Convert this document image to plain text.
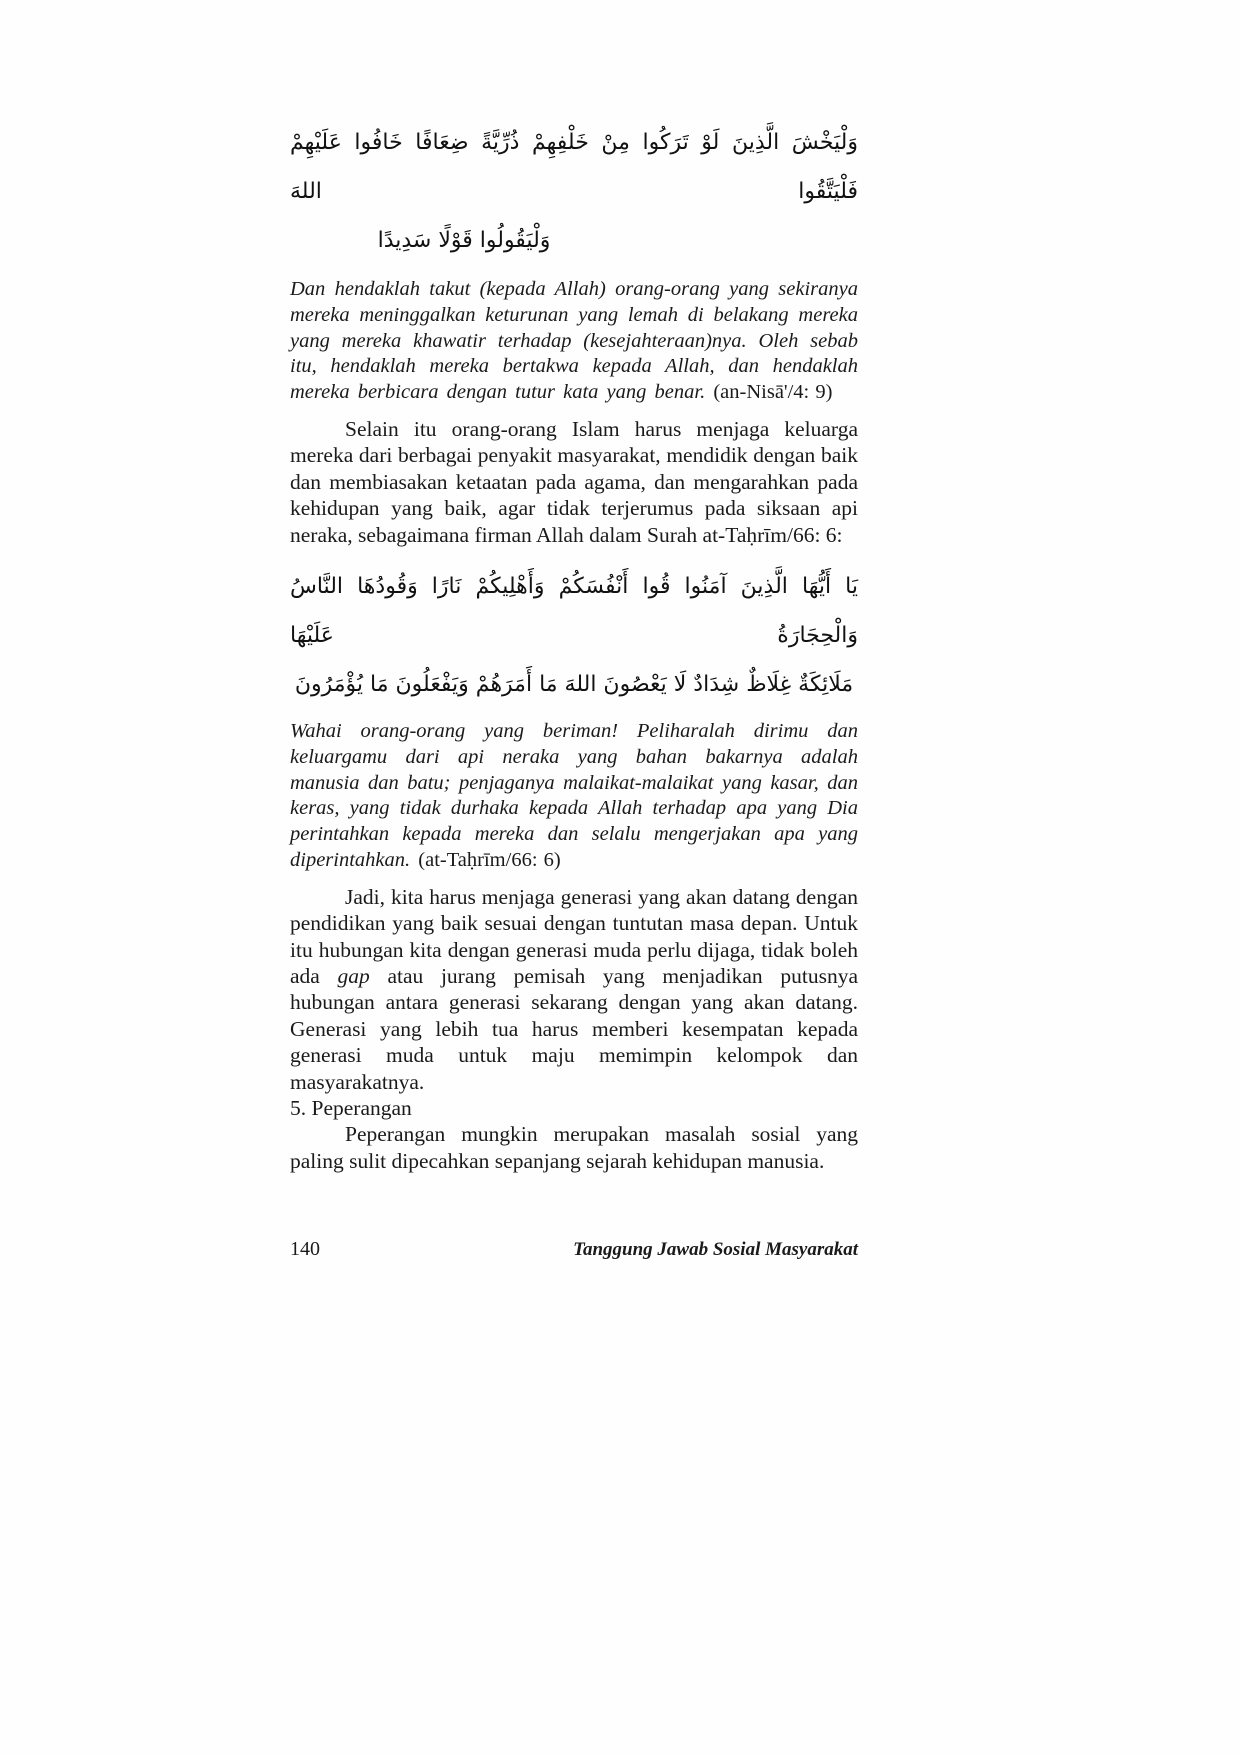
وَلْيَخْشَ الَّذِينَ لَوْ تَرَكُوا مِنْ خَلْفِهِمْ ذُرِّيَّةً ضِعَافًا خَافُوا عَلَيْهِمْ فَلْيَتَّقُوا اللهَ
وَلْيَقُولُوا قَوْلًا سَدِيدًا

Dan hendaklah takut (kepada Allah) orang-orang yang sekiranya mereka meninggalkan keturunan yang lemah di belakang mereka yang mereka khawatir terhadap (kesejahteraan)nya. Oleh sebab itu, hendaklah mereka bertakwa kepada Allah, dan hendaklah mereka berbicara dengan tutur kata yang benar. (an-Nisā'/4: 9)

Selain itu orang-orang Islam harus menjaga keluarga mereka dari berbagai penyakit masyarakat, mendidik dengan baik dan membiasakan ketaatan pada agama, dan mengarahkan pada kehidupan yang baik, agar tidak terjerumus pada siksaan api neraka, sebagaimana firman Allah dalam Surah at-Taḥrīm/66: 6:

يَا أَيُّهَا الَّذِينَ آمَنُوا قُوا أَنْفُسَكُمْ وَأَهْلِيكُمْ نَارًا وَقُودُهَا النَّاسُ وَالْحِجَارَةُ عَلَيْهَا
مَلَائِكَةٌ غِلَاظٌ شِدَادٌ لَا يَعْصُونَ اللهَ مَا أَمَرَهُمْ وَيَفْعَلُونَ مَا يُؤْمَرُونَ

Wahai orang-orang yang beriman! Peliharalah dirimu dan keluargamu dari api neraka yang bahan bakarnya adalah manusia dan batu; penjaganya malaikat-malaikat yang kasar, dan keras, yang tidak durhaka kepada Allah terhadap apa yang Dia perintahkan kepada mereka dan selalu mengerjakan apa yang diperintahkan. (at-Taḥrīm/66: 6)

Jadi, kita harus menjaga generasi yang akan datang dengan pendidikan yang baik sesuai dengan tuntutan masa depan. Untuk itu hubungan kita dengan generasi muda perlu dijaga, tidak boleh ada gap atau jurang pemisah yang menjadikan putusnya hubungan antara generasi sekarang dengan yang akan datang. Generasi yang lebih tua harus memberi kesempatan kepada generasi muda untuk maju memimpin kelompok dan masyarakatnya.

5. Peperangan

Peperangan mungkin merupakan masalah sosial yang paling sulit dipecahkan sepanjang sejarah kehidupan manusia.

140	Tanggung Jawab Sosial Masyarakat
